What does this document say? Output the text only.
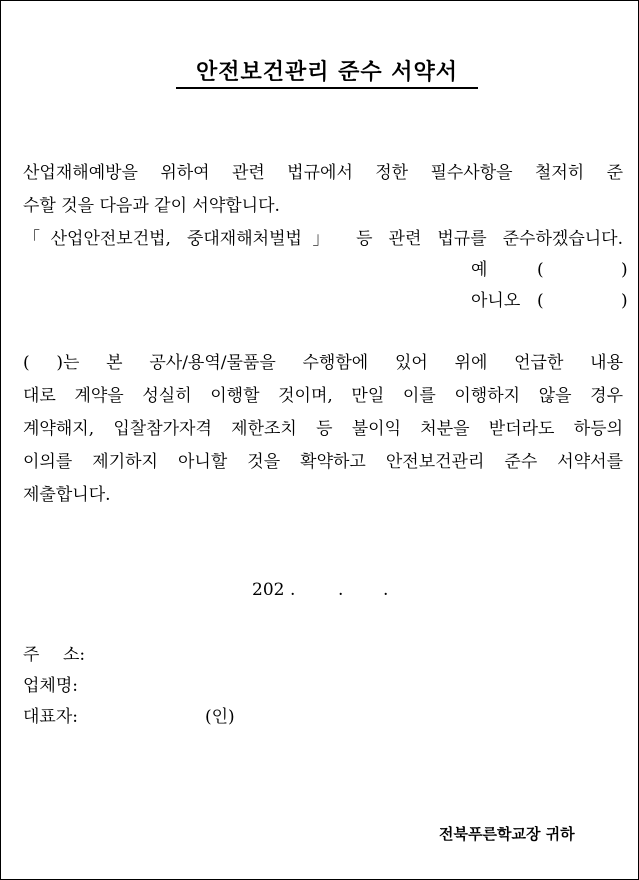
안전보건관리 준수 서약서
산업재해예방을 위하여 관련 법규에서 정한 필수사항을 철저히 준
수할 것을 다음과 같이 서약합니다.
「산업안전보건법, 중대재해처벌법」 등 관련 법규를 준수하겠습니다.
예	(	)
아니오 (	)
( )는 본 공사/용역/물품을 수행함에 있어 위에 언급한 내용
대로 계약을 성실히 이행할 것이며, 만일 이를 이행하지 않을 경우
계약해지, 입찰참가자격 제한조치 등 불이익 처분을 받더라도 하등의
이의를 제기하지 아니할 것을 확약하고 안전보건관리 준수 서약서를
제출합니다.
202 .	. .
주 소:
업체명:
대표자:	(인)
전북푸른학교장 귀하
